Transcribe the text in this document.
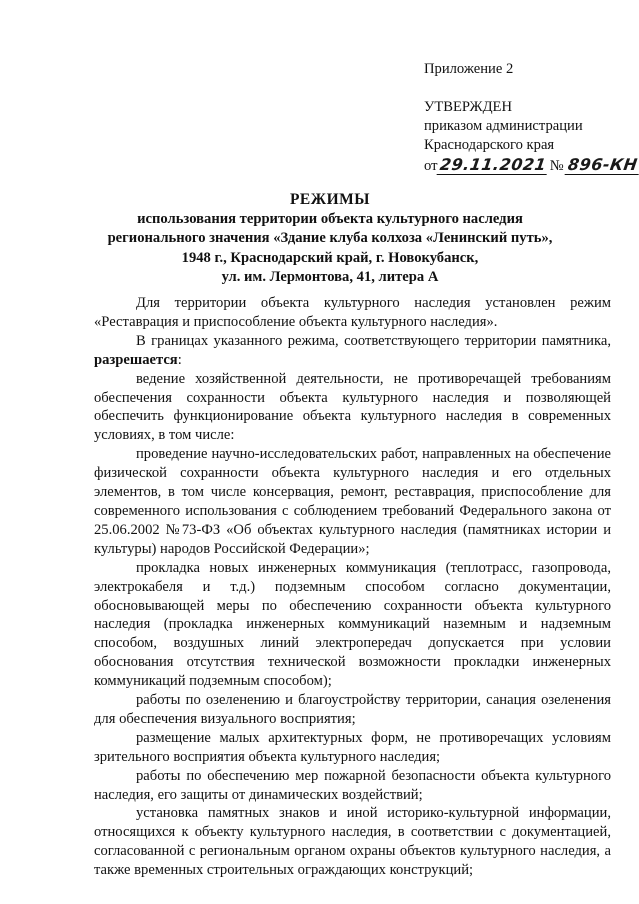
Приложение 2
УТВЕРЖДЕН
приказом администрации
Краснодарского края
от 29.11.2021 № 896-КН
РЕЖИМЫ
использования территории объекта культурного наследия
регионального значения «Здание клуба колхоза «Ленинский путь»,
1948 г., Краснодарский край, г. Новокубанск,
ул. им. Лермонтова, 41, литера А

Для территории объекта культурного наследия установлен режим «Реставрация и приспособление объекта культурного наследия».

В границах указанного режима, соответствующего территории памятника, разрешается:

ведение хозяйственной деятельности, не противоречащей требованиям обеспечения сохранности объекта культурного наследия и позволяющей обеспечить функционирование объекта культурного наследия в современных условиях, в том числе:

проведение научно-исследовательских работ, направленных на обеспечение физической сохранности объекта культурного наследия и его отдельных элементов, в том числе консервация, ремонт, реставрация, приспособление для современного использования с соблюдением требований Федерального закона от 25.06.2002 №73-ФЗ «Об объектах культурного наследия (памятниках истории и культуры) народов Российской Федерации»;

прокладка новых инженерных коммуникация (теплотрасс, газопровода, электрокабеля и т.д.) подземным способом согласно документации, обосновывающей меры по обеспечению сохранности объекта культурного наследия (прокладка инженерных коммуникаций наземным и надземным способом, воздушных линий электропередач допускается при условии обоснования отсутствия технической возможности прокладки инженерных коммуникаций подземным способом);

работы по озеленению и благоустройству территории, санация озеленения для обеспечения визуального восприятия;

размещение малых архитектурных форм, не противоречащих условиям зрительного восприятия объекта культурного наследия;

работы по обеспечению мер пожарной безопасности объекта культурного наследия, его защиты от динамических воздействий;

установка памятных знаков и иной историко-культурной информации, относящихся к объекту культурного наследия, в соответствии с документацией, согласованной с региональным органом охраны объектов культурного наследия, а также временных строительных ограждающих конструкций;
